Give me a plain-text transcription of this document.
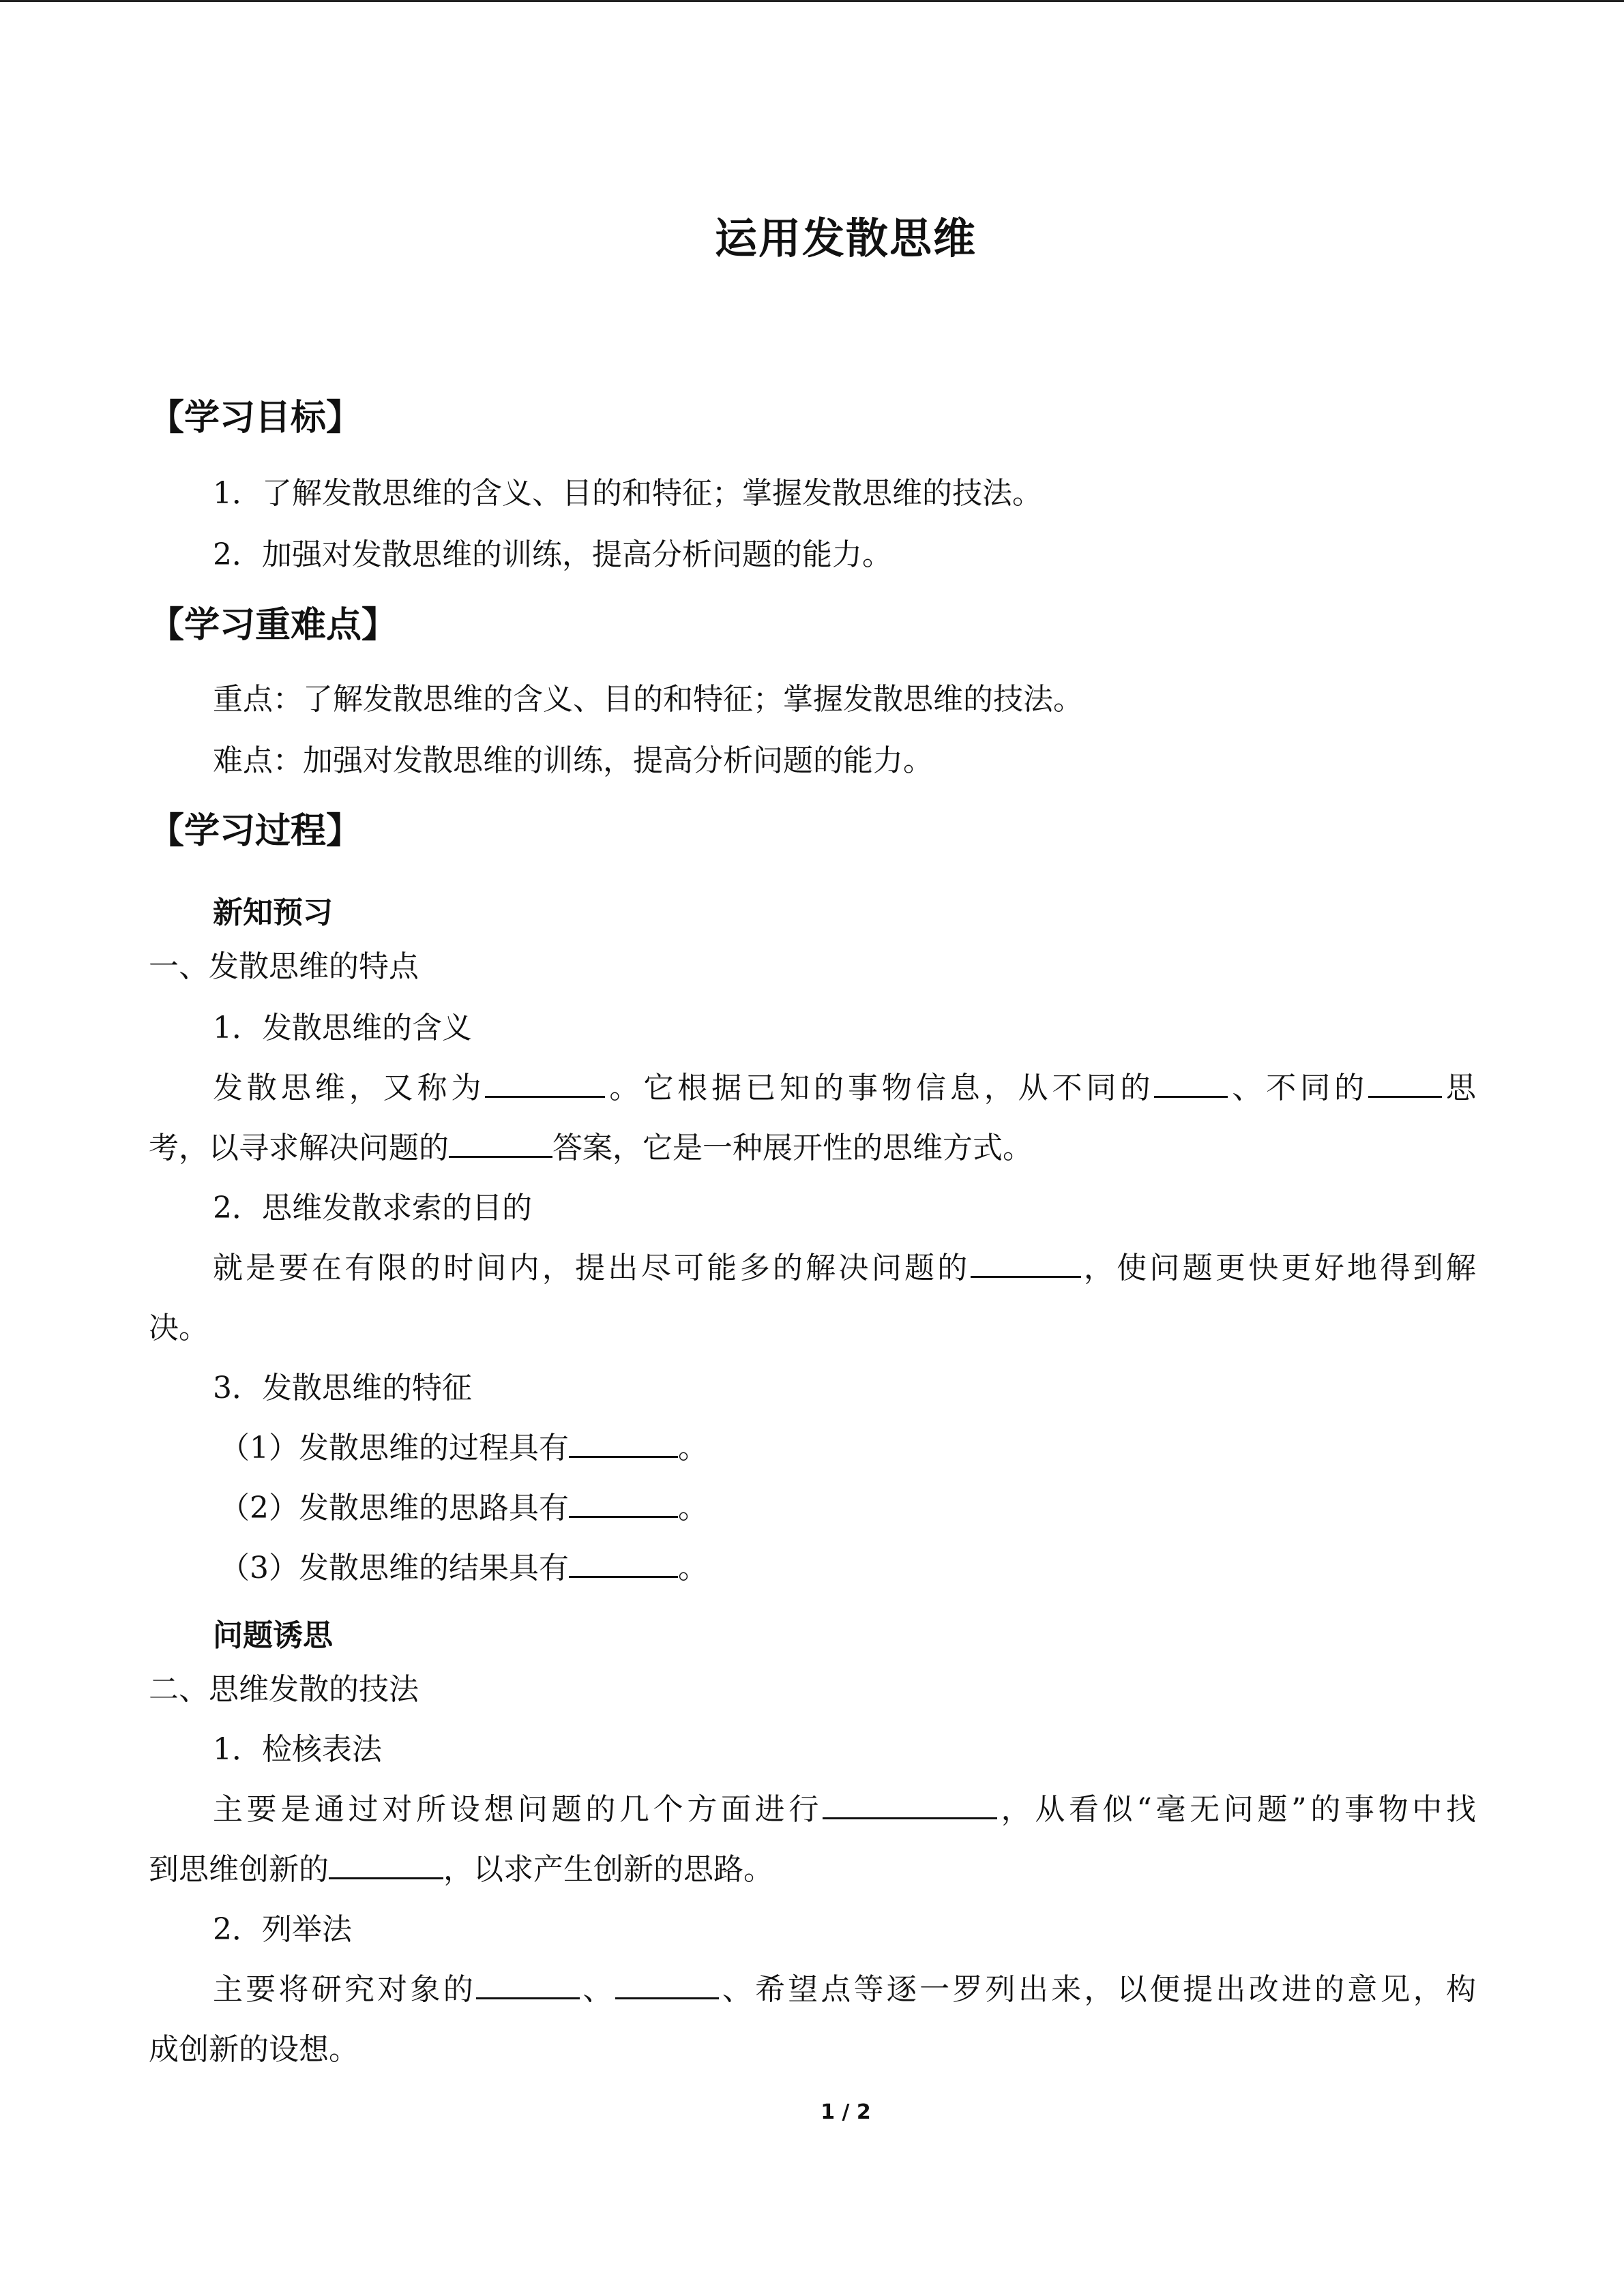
运用发散思维
【学习目标】
1．了解发散思维的含义、目的和特征；掌握发散思维的技法。
2．加强对发散思维的训练，提高分析问题的能力。
【学习重难点】
重点：了解发散思维的含义、目的和特征；掌握发散思维的技法。
难点：加强对发散思维的训练，提高分析问题的能力。
【学习过程】
新知预习
一、发散思维的特点
1．发散思维的含义
发散思维，又称为	。它根据已知的事物信息，从不同的 、不同的 思
考，以寻求解决问题的	答案，它是一种展开性的思维方式。
2．思维发散求索的目的
就是要在有限的时间内，提出尽可能多的解决问题的	，使问题更快更好地得到解
决。
3．发散思维的特征
（1）发散思维的过程具有	。
（2）发散思维的思路具有	。
（3）发散思维的结果具有	。
问题诱思
二、思维发散的技法
1．检核表法
主要是通过对所设想问题的几个方面进行	，从看似“毫无问题”的事物中找
到思维创新的	，以求产生创新的思路。
2．列举法
主要将研究对象的	、	、希望点等逐一罗列出来，以便提出改进的意见，构
成创新的设想。
1 / 2
